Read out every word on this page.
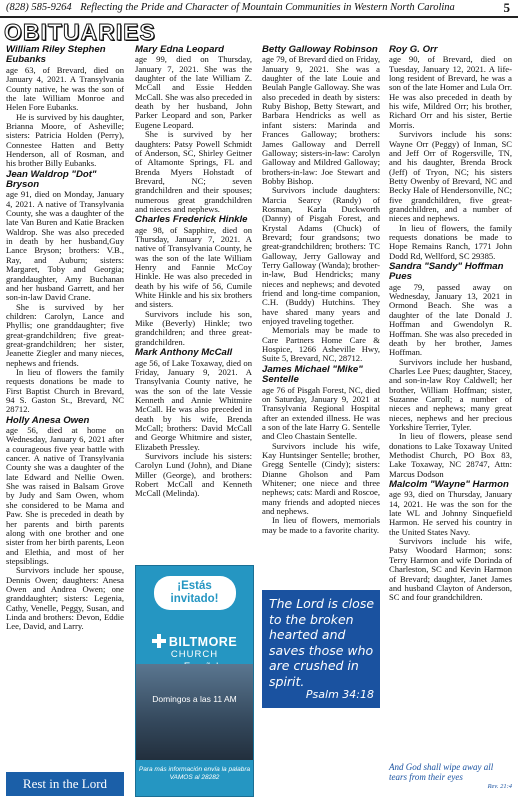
(828) 585-9264 Reflecting the Pride and Character of Mountain Communities in Western North Carolina	5
OBITUARIES
William Riley Stephen Eubanks

age 63, of Brevard, died on January 4, 2021. A Transylvania County native, he was the son of the late William Monroe and Helen Fore Eubanks.

He is survived by his daughter, Brianna Moore, of Asheville; sisters: Patricia Holden (Perry), Connestee Hatten and Betty Henderson, all of Rosman, and his brother Billy Eubanks.

Jean Waldrop "Dot" Bryson

age 91, died on Monday, January 4, 2021. A native of Transylvania County, she was a daughter of the late Van Buren and Katie Bracken Waldrop. She was also preceded in death by her husband,Guy Lance Bryson; brothers: V.B., Ray, and Auburn; sisters: Margaret, Toby and Georgia; granddaughter, Amy Buchanan and her husband Garrett, and her son-in-law David Crane.

She is survived by her children: Carolyn, Lance and Phyllis; one granddaughter; five great-grandchildren; five great-great-grandchildren; her sister, Jeanette Ziegler and many nieces, nephews and friends.

In lieu of flowers the family requests donations be made to First Baptist Church in Brevard, 94 S. Gaston St., Brevard, NC 28712.

Holly Anesa Owen

age 56, died at home on Wednesday, January 6, 2021 after a courageous five year battle with cancer. A native of Transylvania County she was a daughter of the late Edward and Nellie Owen. She was raised in Balsam Grove by Judy and Sam Owen, whom she considered to be Mama and Paw. She is preceded in death by her parents and birth parents along with one brother and one sister from her birth parents, Leon and Elethia, and most of her stepsiblings.

Survivors include her spouse, Dennis Owen; daughters: Anesa Owen and Andrea Owen; one granddaughter; sisters: Legenia, Cathy, Venelle, Peggy, Susan, and Linda and brothers: Devon, Eddie Lee, David, and Larry.

Mary Edna Leopard

age 99, died on Thursday, January 7, 2021. She was the daughter of the late William Z. McCall and Essie Hedden McCall. She was also preceded in death by her husband, John Parker Leopard and son, Parker Eugene Leopard.

She is survived by her daughters: Patsy Powell Schmidt of Anderson, SC, Shirley Geitner of Altamonte Springs, FL and Brenda Myers Hohstadt of Brevard, NC; seven grandchildren and their spouses; numerous great grandchildren and nieces and nephews.

Charles Frederick Hinkle

age 98, of Sapphire, died on Thursday, January 7, 2021. A native of Transylvania County, he was the son of the late William Henry and Fannie McCoy Hinkle. He was also preceded in death by his wife of 56, Cumile White Hinkle and his six brothers and sisters.

Survivors include his son, Mike (Beverly) Hinkle; two grandchildren; and three great-grandchildren.

Mark Anthony McCall

age 56, of Lake Toxaway, died on Friday, January 9, 2021. A Transylvania County native, he was the son of the late Vessie Kenneth and Annie Whitmire McCall. He was also preceded in death by his wife, Brenda McCall; brothers: David McCall and George Whitmire and sister, Elizabeth Pressley.

Survivors include his sisters: Carolyn Lund (John), and Diane Miller (George), and brothers: Robert McCall and Kenneth McCall (Melinda).

Betty Galloway Robinson

age 79, of Brevard died on Friday, January 9, 2021. She was a daughter of the late Louie and Beulah Pangle Galloway. She was also preceded in death by sisters: Ruby Bishop, Betty Stewart, and Barbara Hendricks as well as infant sisters: Marinda and Frances Galloway; brothers: James Galloway and Derrell Galloway; sisters-in-law: Carolyn Galloway and Mildred Galloway; brothers-in-law: Joe Stewart and Bobby Bishop.

Survivors include daughters: Marcia Searcy (Randy) of Rosman, Karla Duckworth (Danny) of Pisgah Forest, and Krystal Adams (Chuck) of Brevard; four grandsons; two great-grandchildren; brothers: TC Galloway, Jerry Galloway and Terry Galloway (Wanda); brother-in-law, Bud Hendricks; many nieces and nephews; and devoted friend and long-time companion, C.H. (Buddy) Hutchins. They have shared many years and enjoyed traveling together.

Memorials may be made to Care Partners Home Care & Hospice, 1266 Asheville Hwy, Suite 5, Brevard, NC, 28712.

James Michael "Mike" Sentelle

age 76 of Pisgah Forest, NC, died on Saturday, January 9, 2021 at Transylvania Regional Hospital after an extended illness. He was a son of the late Harry G. Sentelle and Cleo Chastain Sentelle.

Survivors include his wife, Kay Huntsinger Sentelle; brother, Gregg Sentelle (Cindy); sisters: Dianne Gholson and Pam Whitener; one niece and three nephews; cats: Mardi and Roscoe, many friends and adopted nieces and nephews.

In lieu of flowers, memorials may be made to a favorite charity.

Roy G. Orr

age 90, of Brevard, died on Tuesday, January 12, 2021. A life-long resident of Brevard, he was a son of the late Homer and Lula Orr. He was also preceded in death by his wife, Mildred Orr; his brother, Richard Orr and his sister, Bertie Morris.

Survivors include his sons: Wayne Orr (Peggy) of Inman, SC and Jeff Orr of Rogersville, TN, and his daughter, Brenda Brock (Jeff) of Tryon, NC; his sisters Betty Owenby of Brevard, NC and Becky Hale of Hendersonville, NC; five grandchildren, five great-grandchildren, and a number of nieces and nephews.

In lieu of flowers, the family requests donations be made to Hope Remains Ranch, 1771 John Dodd Rd, Wellford, SC 29385.

Sandra "Sandy" Hoffman Pues

age 79, passed away on Wednesday, January 13, 2021 in Ormond Beach. She was a daughter of the late Donald J. Hoffman and Gwendolyn R. Hoffman. She was also preceded in death by her brother, James Hoffman.

Survivors include her husband, Charles Lee Pues; daughter, Stacey, and son-in-law Roy Caldwell; her brother, William Hoffman; sister, Suzanne Carroll; a number of nieces and nephews; many great nieces, nephews and her precious Yorkshire Terrier, Tyler.

In lieu of flowers, please send donations to Lake Toxaway United Methodist Church, PO Box 83, Lake Toxaway, NC 28747, Attn: Marcus Dodson

Malcolm "Wayne" Harmon

age 93, died on Thursday, January 14, 2021. He was the son for the late WL and Johnny Sinquefield Harmon. He served his country in the United States Navy.

Survivors include his wife, Patsy Woodard Harmon; sons: Terry Harmon and wife Dorinda of Charleston, SC and Kevin Harmon of Brevard; daughter, Janet James and husband Clayton of Anderson, SC and four grandchildren.

Rest in the Lord
¡Estás invitado!
BILTMORE
CHURCH
Domingos a las 11 AM
Para más información envía la palabra VAMOS al 28282
The Lord is close to the broken hearted and saves those who are crushed in spirit.
Psalm 34:18
And God shall wipe away all tears from their eyes
Rev. 21:4
